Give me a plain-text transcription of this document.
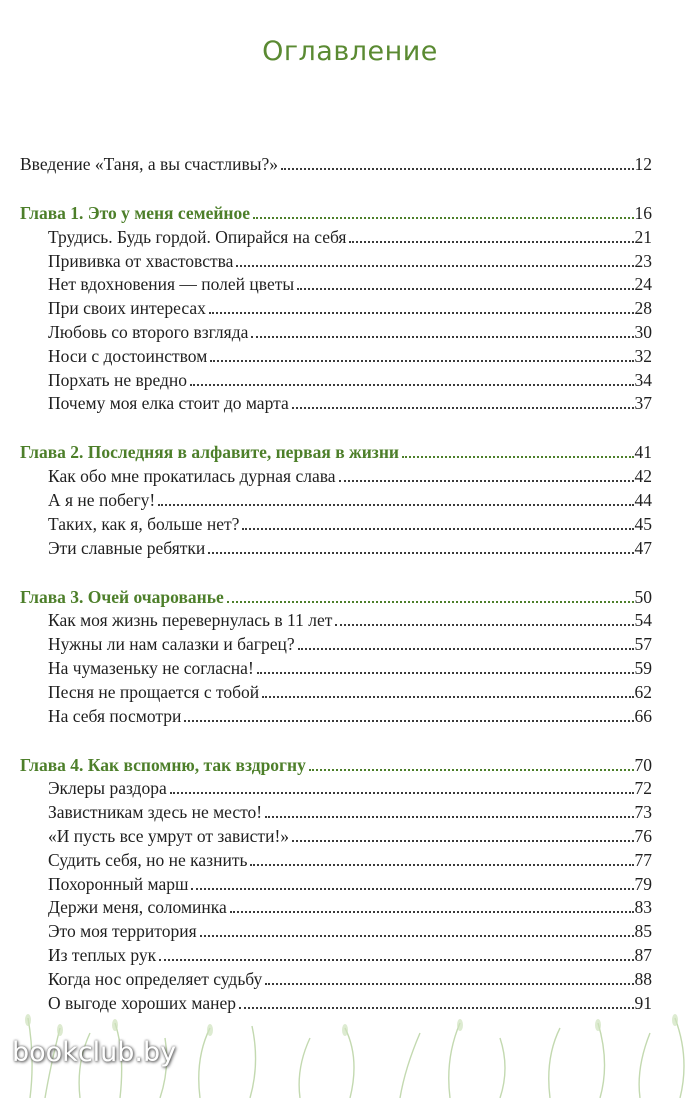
Оглавление
Введение «Таня, а вы счастливы?»	12
Глава 1. Это у меня семейное	16
Трудись. Будь гордой. Опирайся на себя	21
Прививка от хвастовства	23
Нет вдохновения — полей цветы	24
При своих интересах	28
Любовь со второго взгляда	30
Носи с достоинством	32
Порхать не вредно	34
Почему моя елка стоит до марта	37
Глава 2. Последняя в алфавите, первая в жизни	41
Как обо мне прокатилась дурная слава	42
А я не побегу!	44
Таких, как я, больше нет?	45
Эти славные ребятки	47
Глава 3. Очей очарованье	50
Как моя жизнь перевернулась в 11 лет	54
Нужны ли нам салазки и багрец?	57
На чумазеньку не согласна!	59
Песня не прощается с тобой	62
На себя посмотри	66
Глава 4. Как вспомню, так вздрогну	70
Эклеры раздора	72
Завистникам здесь не место!	73
«И пусть все умрут от зависти!»	76
Судить себя, но не казнить	77
Похоронный марш	79
Держи меня, соломинка	83
Это моя территория	85
Из теплых рук	87
Когда нос определяет судьбу	88
О выгоде хороших манер	91
bookclub.by
